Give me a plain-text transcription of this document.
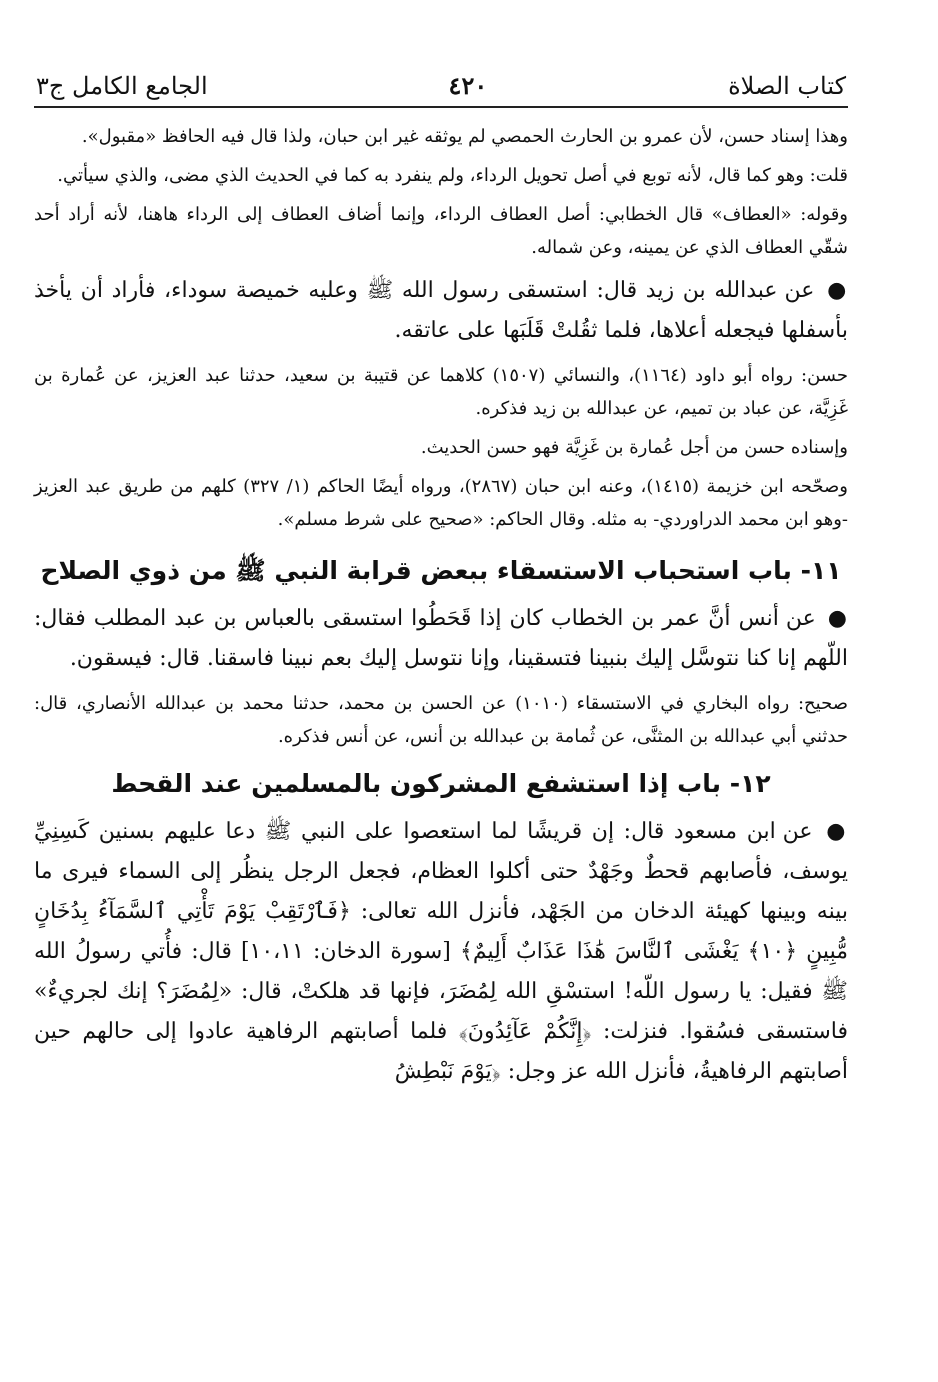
كتاب الصلاة
٤٢٠
الجامع الكامل ج٣

وهذا إسناد حسن، لأن عمرو بن الحارث الحمصي لم يوثقه غير ابن حبان، ولذا قال فيه الحافظ «مقبول».

قلت: وهو كما قال، لأنه توبع في أصل تحويل الرداء، ولم ينفرد به كما في الحديث الذي مضى، والذي سيأتي.

وقوله: «العطاف» قال الخطابي: أصل العطاف الرداء، وإنما أضاف العطاف إلى الرداء هاهنا، لأنه أراد أحد شقّي العطاف الذي عن يمينه، وعن شماله.

● عن عبدالله بن زيد قال: استسقى رسول الله ﷺ وعليه خميصة سوداء، فأراد أن يأخذ بأسفلها فيجعله أعلاها، فلما ثقُلتْ قَلَبَها على عاتقه.

حسن: رواه أبو داود (١١٦٤)، والنسائي (١٥٠٧) كلاهما عن قتيبة بن سعيد، حدثنا عبد العزيز، عن عُمارة بن غَزِيَّة، عن عباد بن تميم، عن عبدالله بن زيد فذكره.

وإسناده حسن من أجل عُمارة بن غَزِيَّة فهو حسن الحديث.

وصحّحه ابن خزيمة (١٤١٥)، وعنه ابن حبان (٢٨٦٧)، ورواه أيضًا الحاكم (١/ ٣٢٧) كلهم من طريق عبد العزيز -وهو ابن محمد الدراوردي- به مثله. وقال الحاكم: «صحيح على شرط مسلم».

١١- باب استحباب الاستسقاء ببعض قرابة النبي ﷺ من ذوي الصلاح

● عن أنس أنَّ عمر بن الخطاب كان إذا قَحَطُوا استسقى بالعباس بن عبد المطلب فقال: اللّهم إنا كنا نتوسَّل إليك بنبينا فتسقينا، وإنا نتوسل إليك بعم نبينا فاسقنا. قال: فيسقون.

صحيح: رواه البخاري في الاستسقاء (١٠١٠) عن الحسن بن محمد، حدثنا محمد بن عبدالله الأنصاري، قال: حدثني أبي عبدالله بن المثنَّى، عن ثُمامة بن عبدالله بن أنس، عن أنس فذكره.

١٢- باب إذا استشفع المشركون بالمسلمين عند القحط

● عن ابن مسعود قال: إن قريشًا لما استعصوا على النبي ﷺ دعا عليهم بسنين كَسِنِيِّ يوسف، فأصابهم قحطٌ وجَهْدٌ حتى أكلوا العظام، فجعل الرجل ينظُر إلى السماء فيرى ما بينه وبينها كهيئة الدخان من الجَهْد، فأنزل الله تعالى: ﴿فَٱرْتَقِبْ يَوْمَ تَأْتِي ٱلسَّمَآءُ بِدُخَانٍ مُّبِينٍ ﴿١٠﴾ يَغْشَى ٱلنَّاسَ هَٰذَا عَذَابٌ أَلِيمٌ﴾ [سورة الدخان: ١٠،١١] قال: فأُتي رسولُ الله ﷺ فقيل: يا رسول اللّه! استسْقِ الله لِمُضَرَ، فإنها قد هلكتْ، قال: «لِمُضَرَ؟ إنك لجريءٌ» فاستسقى فسُقوا. فنزلت: ﴿إِنَّكُمْ عَآئِدُونَ﴾ فلما أصابتهم الرفاهية عادوا إلى حالهم حين أصابتهم الرفاهيةُ، فأنزل الله عز وجل: ﴿يَوْمَ نَبْطِشُ
